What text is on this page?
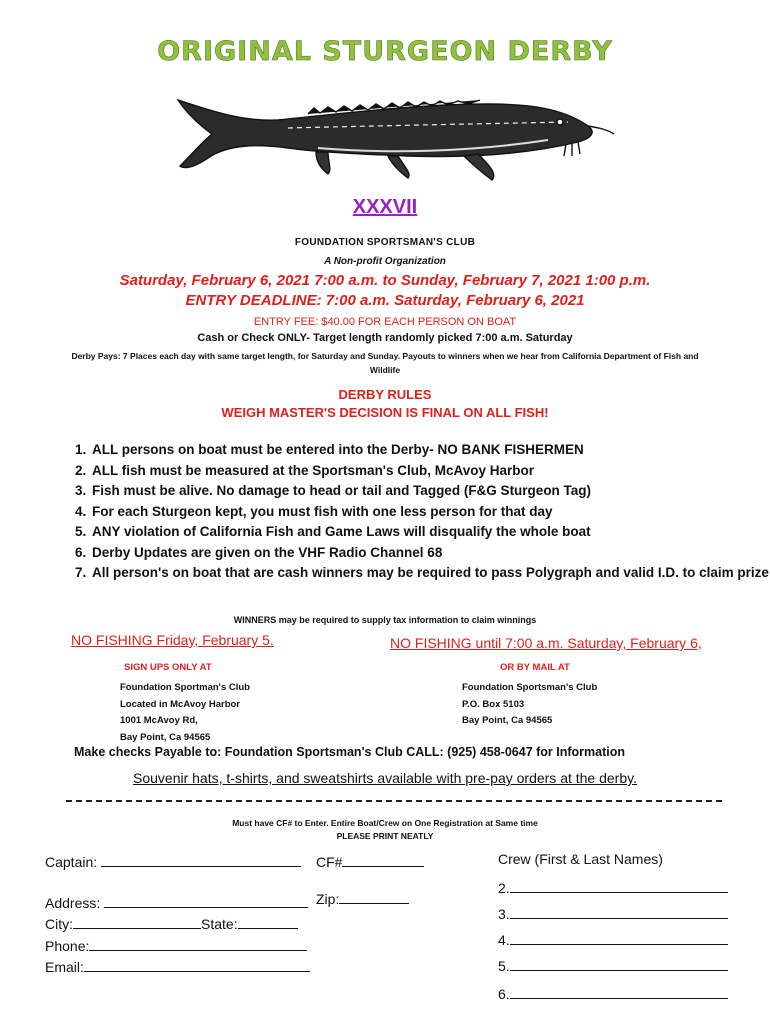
ORIGINAL STURGEON DERBY
XXXVII
FOUNDATION SPORTSMAN'S CLUB
A Non-profit Organization
Saturday, February 6, 2021 7:00 a.m. to Sunday, February 7, 2021 1:00 p.m.
ENTRY DEADLINE: 7:00 a.m. Saturday, February 6, 2021
ENTRY FEE: $40.00 FOR EACH PERSON ON BOAT
Cash or Check ONLY- Target length randomly picked 7:00 a.m. Saturday
Derby Pays: 7 Places each day with same target length, for Saturday and Sunday. Payouts to winners when we hear from California Department of Fish and Wildlife
DERBY RULES
WEIGH MASTER'S DECISION IS FINAL ON ALL FISH!
1. ALL persons on boat must be entered into the Derby- NO BANK FISHERMEN
2. ALL fish must be measured at the Sportsman's Club, McAvoy Harbor
3. Fish must be alive. No damage to head or tail and Tagged (F&G Sturgeon Tag)
4. For each Sturgeon kept, you must fish with one less person for that day
5. ANY violation of California Fish and Game Laws will disqualify the whole boat
6. Derby Updates are given on the VHF Radio Channel 68
7. All person's on boat that are cash winners may be required to pass Polygraph and valid I.D. to claim prize
WINNERS may be required to supply tax information to claim winnings
NO FISHING Friday, February 5.	NO FISHING until 7:00 a.m. Saturday, February 6,
SIGN UPS ONLY AT	OR BY MAIL AT
Foundation Sportman's Club
Located in McAvoy Harbor
1001 McAvoy Rd,
Bay Point, Ca 94565
Foundation Sportsman's Club
P.O. Box 5103
Bay Point, Ca 94565
Make checks Payable to: Foundation Sportsman's Club CALL: (925) 458-0647 for Information
Souvenir hats, t-shirts, and sweatshirts available with pre-pay orders at the derby.
Must have CF# to Enter. Entire Boat/Crew on One Registration at Same time
PLEASE PRINT NEATLY
Captain:	CF#
Address:	Zip:
City:	State:
Phone:
Email:
Crew (First & Last Names)
2.
3.
4.
5.
6.
